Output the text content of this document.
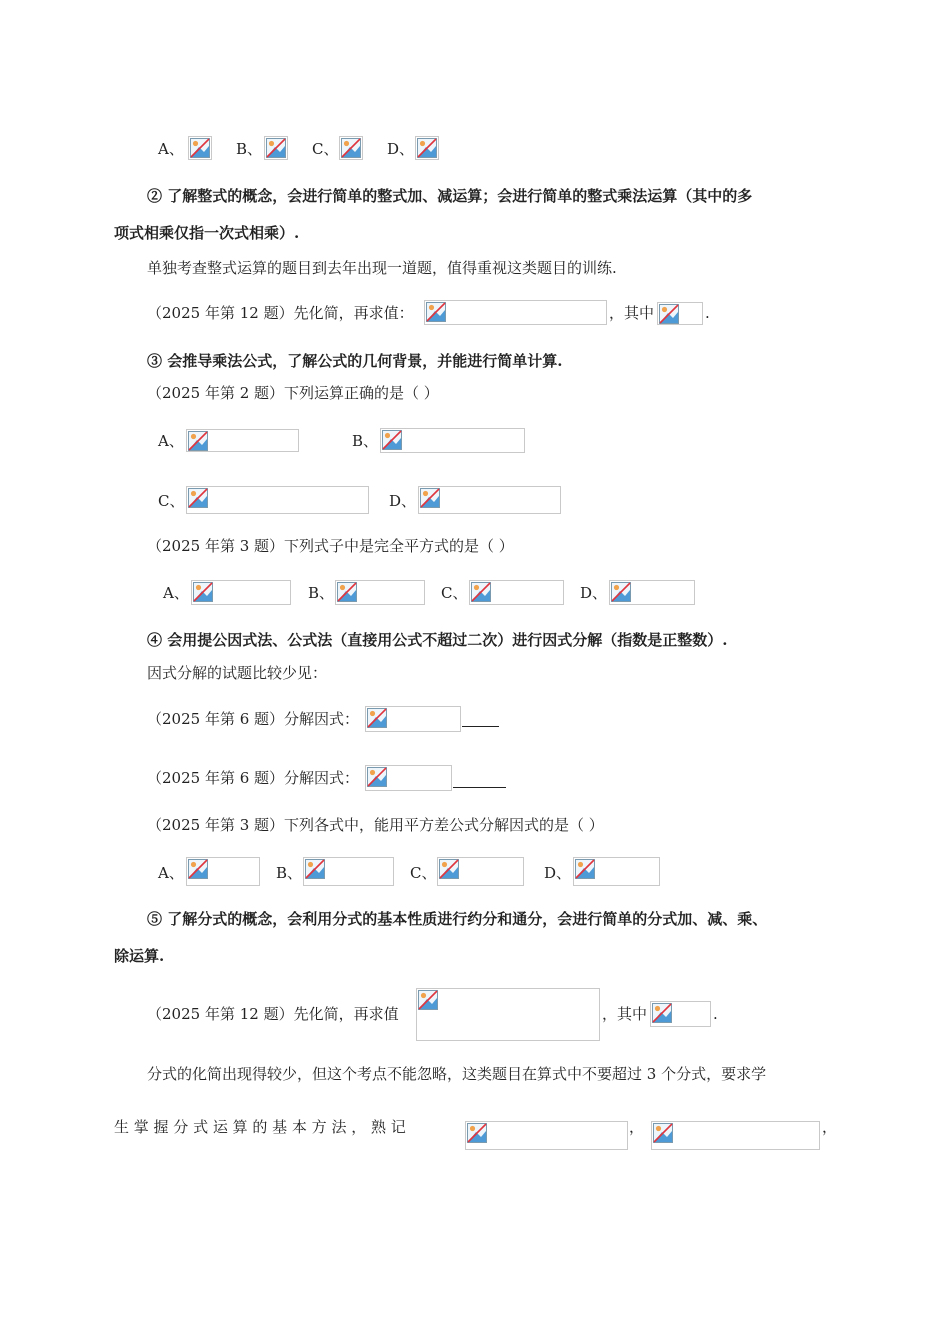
A、	B、	C、	D、
② 了解整式的概念，会进行简单的整式加、减运算；会进行简单的整式乘法运算（其中的多
项式相乘仅指一次式相乘）.
单独考查整式运算的题目到去年出现一道题，值得重视这类题目的训练.
（2025 年第 12 题）先化简，再求值：	，其中	.
③ 会推导乘法公式，了解公式的几何背景，并能进行简单计算.
（2025 年第 2 题）下列运算正确的是（ ）
A、	B、
C、	D、
（2025 年第 3 题）下列式子中是完全平方式的是（ ）
A、	B、	C、	D、
④ 会用提公因式法、公式法（直接用公式不超过二次）进行因式分解（指数是正整数）.
因式分解的试题比较少见：
（2025 年第 6 题）分解因式：
（2025 年第 6 题）分解因式：
（2025 年第 3 题）下列各式中，能用平方差公式分解因式的是（ ）
A、	B、	C、	D、
⑤ 了解分式的概念，会利用分式的基本性质进行约分和通分，会进行简单的分式加、减、乘、
除运算.
（2025 年第 12 题）先化简，再求值	，其中	.
分式的化简出现得较少，但这个考点不能忽略，这类题目在算式中不要超过 3 个分式，要求学
生 掌 握 分 式 运 算 的 基 本 方 法 ， 熟 记	，	，
